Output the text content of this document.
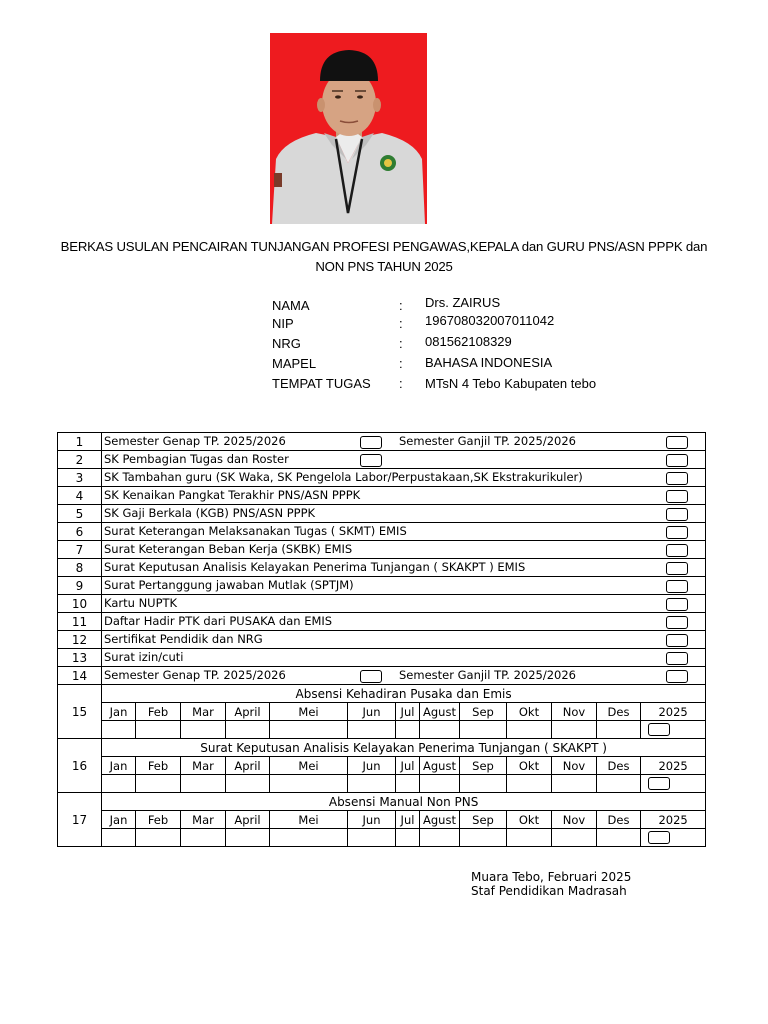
BERKAS USULAN PENCAIRAN TUNJANGAN PROFESI PENGAWAS,KEPALA dan GURU PNS/ASN PPPK dan
NON PNS TAHUN 2025
NAMA	: Drs. ZAIRUS
NIP	: 196708032007011042
NRG	: 081562108329
MAPEL	: BAHASA INDONESIA
TEMPAT TUGAS : MTsN 4 Tebo Kabupaten tebo
1	Semester Genap TP. 2025/2026 Semester Ganjil TP. 2025/2026												

2	SK Pembagian Tugas dan Roster												

3	SK Tambahan guru (SK Waka, SK Pengelola Labor/Perpustakaan,SK Ekstrakurikuler)												

4	SK Kenaikan Pangkat Terakhir PNS/ASN PPPK												

5	SK Gaji Berkala (KGB) PNS/ASN PPPK												

6	Surat Keterangan Melaksanakan Tugas ( SKMT) EMIS												

7	Surat Keterangan Beban Kerja (SKBK) EMIS												

8	Surat Keputusan Analisis Kelayakan Penerima Tunjangan ( SKAKPT ) EMIS												

9	Surat Pertanggung jawaban Mutlak (SPTJM)												

10	Kartu NUPTK												

11	Daftar Hadir PTK dari PUSAKA dan EMIS												

12	Sertifikat Pendidik dan NRG												

13	Surat izin/cuti												

14	Semester Genap TP. 2025/2026 Semester Ganjil TP. 2025/2026												

15	Absensi Kehadiran Pusaka dan Emis												
	Jan	Feb	Mar	April	Mei	Jun	Jul	Agust	Sep	Okt	Nov	Des	2025

16	Surat Keputusan Analisis Kelayakan Penerima Tunjangan ( SKAKPT )												
	Jan	Feb	Mar	April	Mei	Jun	Jul	Agust	Sep	Okt	Nov	Des	2025

17	Absensi Manual Non PNS												
	Jan	Feb	Mar	April	Mei	Jun	Jul	Agust	Sep	Okt	Nov	Des	2025

Muara Tebo, Februari 2025
Staf Pendidikan Madrasah
